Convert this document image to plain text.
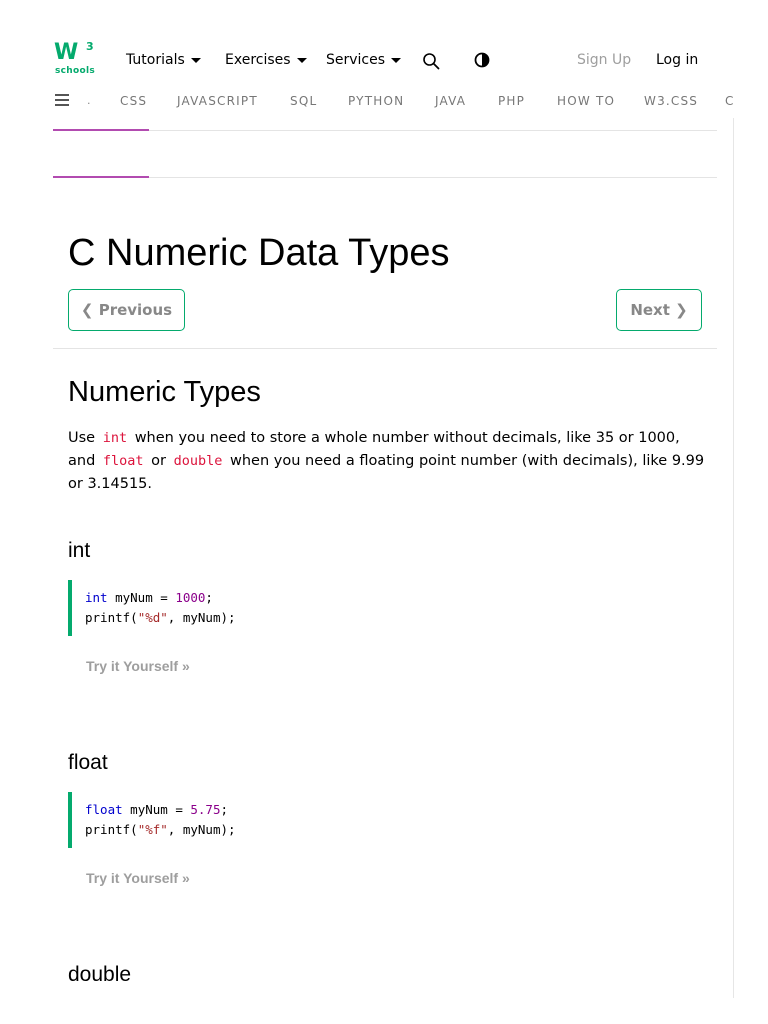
W 3
schools
Tutorials	Exercises	Services	Sign Up Log in
. CSS JAVASCRIPT	SQL	PYTHON	JAVA	PHP	HOW TO W3.CSS C
C Numeric Data Types
❮ Previous	Next ❯
Numeric Types

Use int when you need to store a whole number without decimals, like 35 or 1000, and float or double when you need a floating point number (with decimals), like 9.99 or 3.14515.

int
int myNum = 1000;
printf("%d", myNum);
Try it Yourself »
float
float myNum = 5.75;
printf("%f", myNum);
Try it Yourself »
double
